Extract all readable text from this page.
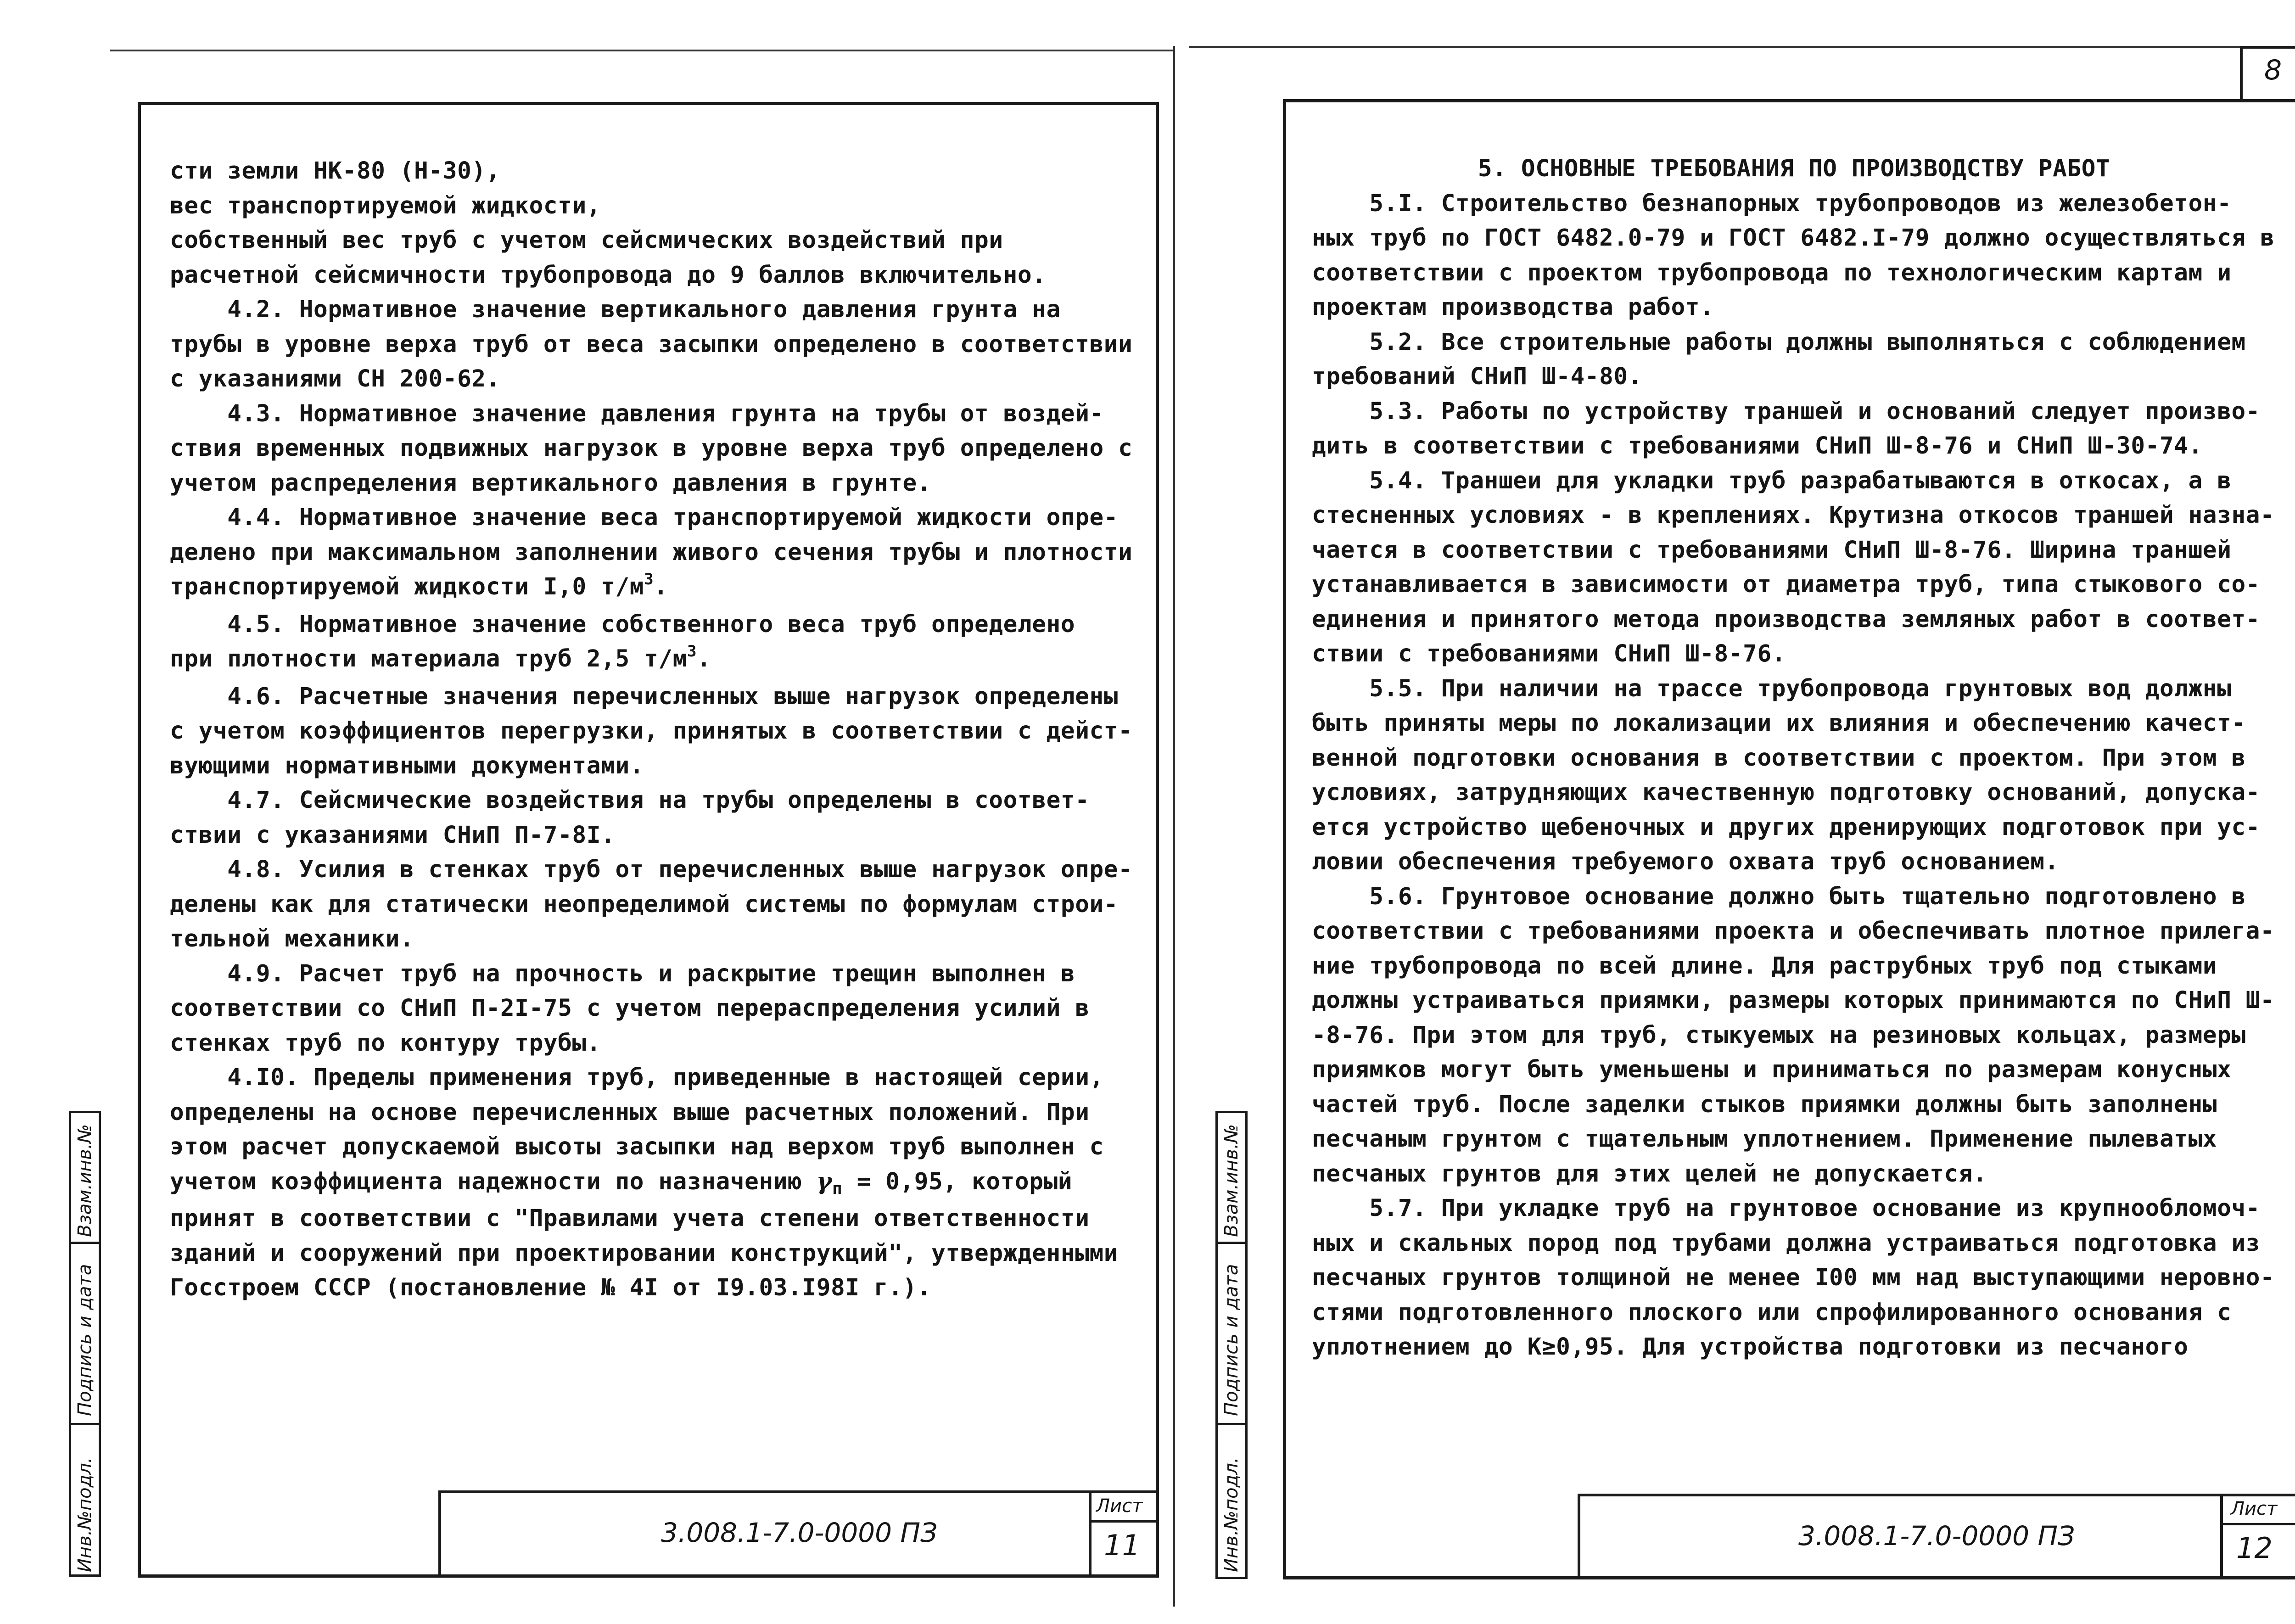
8
сти земли НК-80 (Н-30),
вес транспортируемой жидкости,
собственный вес труб с учетом сейсмических воздействий при
расчетной сейсмичности трубопровода до 9 баллов включительно.
4.2. Нормативное значение вертикального давления грунта на
трубы в уровне верха труб от веса засыпки определено в соответствии
с указаниями СН 200-62.
4.3. Нормативное значение давления грунта на трубы от воздей-
ствия временных подвижных нагрузок в уровне верха труб определено с
учетом распределения вертикального давления в грунте.
4.4. Нормативное значение веса транспортируемой жидкости опре-
делено при максимальном заполнении живого сечения трубы и плотности
транспортируемой жидкости I,0 $т/м^3$.
4.5. Нормативное значение собственного веса труб определено
при плотности материала труб 2,5 $т/м^3$.
4.6. Расчетные значения перечисленных выше нагрузок определены
с учетом коэффициентов перегрузки, принятых в соответствии с дейст-
вующими нормативными документами.
4.7. Сейсмические воздействия на трубы определены в соответ-
ствии с указаниями СНиП П-7-8I.
4.8. Усилия в стенках труб от перечисленных выше нагрузок опре-
делены как для статически неопределимой системы по формулам строи-
тельной механики.
4.9. Расчет труб на прочность и раскрытие трещин выполнен в
соответствии со СНиП П-2I-75 с учетом перераспределения усилий в
стенках труб по контуру трубы.
4.I0. Пределы применения труб, приведенные в настоящей серии,
определены на основе перечисленных выше расчетных положений. При
этом расчет допускаемой высоты засыпки над верхом труб выполнен с
учетом коэффициента надежности по назначению γп = 0,95, который
принят в соответствии с "Правилами учета степени ответственности
зданий и сооружений при проектировании конструкций", утвержденными
Госстроем СССР (постановление № 4I от I9.03.I98I г.).
3.008.1-7.0-0000 ПЗ
Лист
11
Инв.№подл.
Подпись и дата
Взам.инв.№
5. ОСНОВНЫЕ ТРЕБОВАНИЯ ПО ПРОИЗВОДСТВУ РАБОТ

5.I. Строительство безнапорных трубопроводов из железобетон-
ных труб по ГОСТ 6482.0-79 и ГОСТ 6482.I-79 должно осуществляться в
соответствии с проектом трубопровода по технологическим картам и
проектам производства работ.
5.2. Все строительные работы должны выполняться с соблюдением
требований СНиП Ш-4-80.
5.3. Работы по устройству траншей и оснований следует произво-
дить в соответствии с требованиями СНиП Ш-8-76 и СНиП Ш-30-74.
5.4. Траншеи для укладки труб разрабатываются в откосах, а в
стесненных условиях - в креплениях. Крутизна откосов траншей назна-
чается в соответствии с требованиями СНиП Ш-8-76. Ширина траншей
устанавливается в зависимости от диаметра труб, типа стыкового со-
единения и принятого метода производства земляных работ в соответ-
ствии с требованиями СНиП Ш-8-76.
5.5. При наличии на трассе трубопровода грунтовых вод должны
быть приняты меры по локализации их влияния и обеспечению качест-
венной подготовки основания в соответствии с проектом. При этом в
условиях, затрудняющих качественную подготовку оснований, допуска-
ется устройство щебеночных и других дренирующих подготовок при ус-
ловии обеспечения требуемого охвата труб основанием.
5.6. Грунтовое основание должно быть тщательно подготовлено в
соответствии с требованиями проекта и обеспечивать плотное прилега-
ние трубопровода по всей длине. Для раструбных труб под стыками
должны устраиваться приямки, размеры которых принимаются по СНиП Ш-
-8-76. При этом для труб, стыкуемых на резиновых кольцах, размеры
приямков могут быть уменьшены и приниматься по размерам конусных
частей труб. После заделки стыков приямки должны быть заполнены
песчаным грунтом с тщательным уплотнением. Применение пылеватых
песчаных грунтов для этих целей не допускается.
5.7. При укладке труб на грунтовое основание из крупнообломоч-
ных и скальных пород под трубами должна устраиваться подготовка из
песчаных грунтов толщиной не менее I00 мм над выступающими неровно-
стями подготовленного плоского или спрофилированного основания с
уплотнением до К≥0,95. Для устройства подготовки из песчаного
3.008.1-7.0-0000 ПЗ
Лист
12
Инв.№подл.
Подпись и дата
Взам.инв.№
